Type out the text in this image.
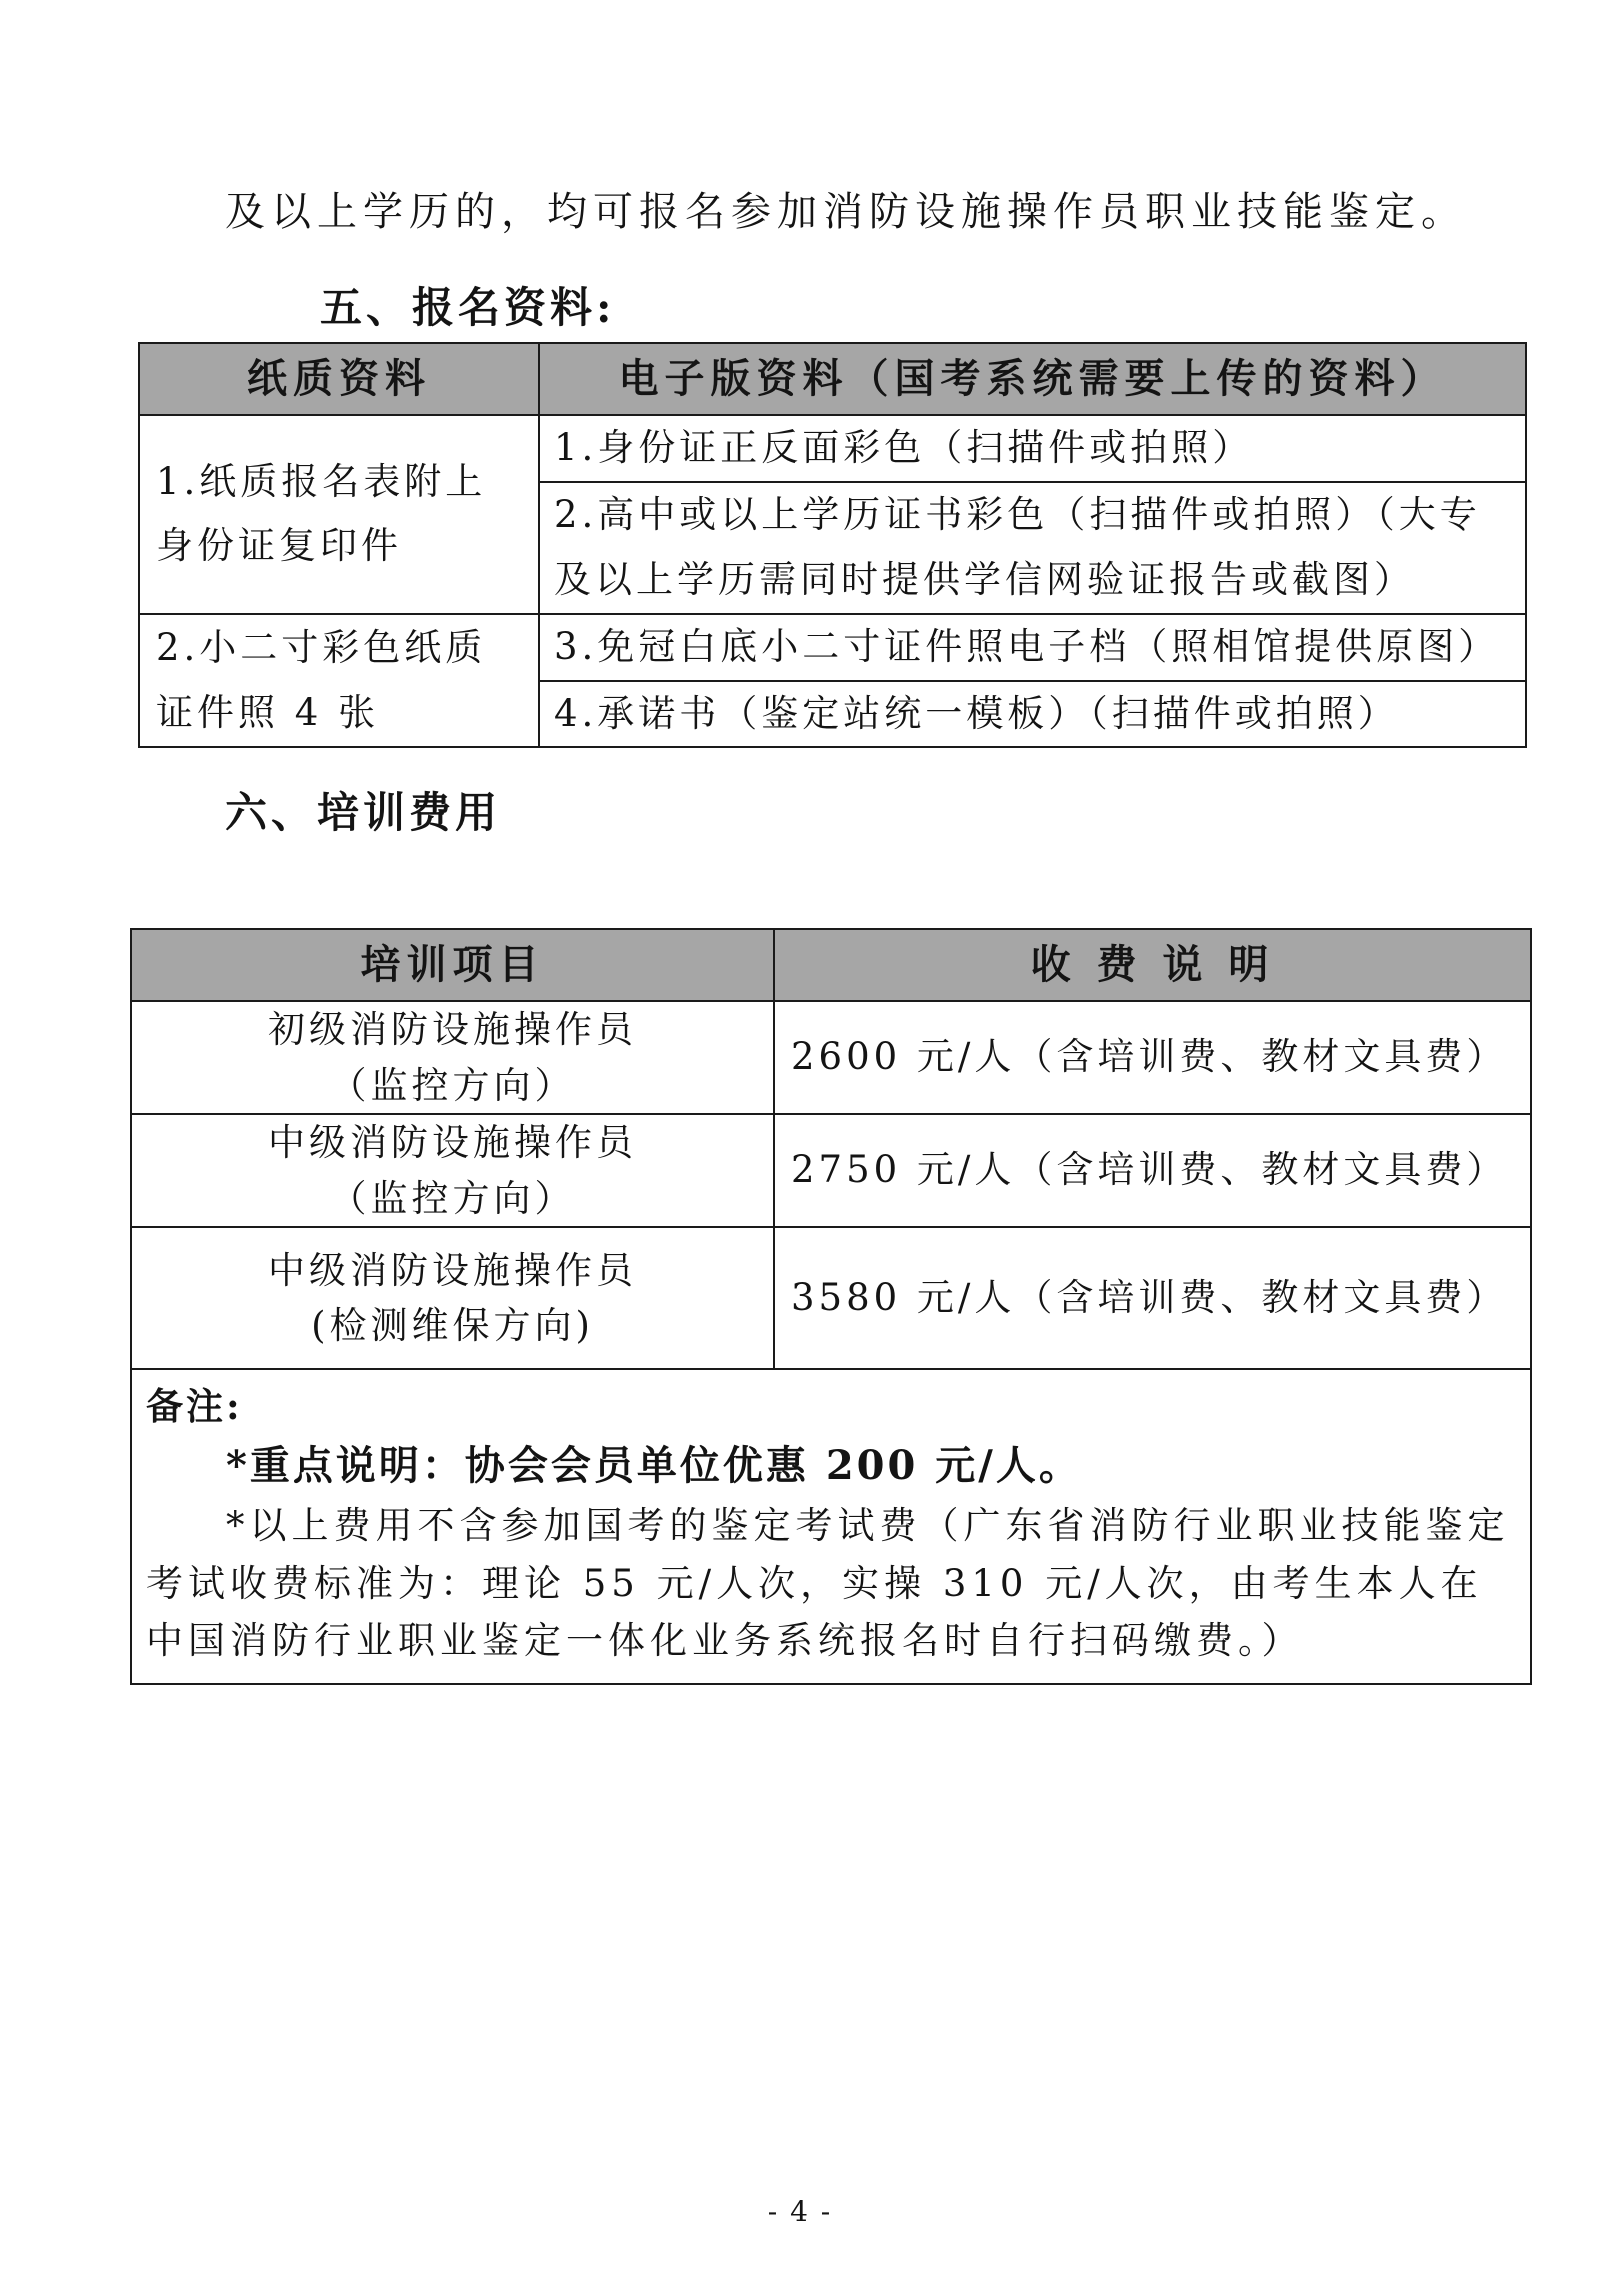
及以上学历的，均可报名参加消防设施操作员职业技能鉴定。
五、报名资料:
纸质资料	电子版资料（国考系统需要上传的资料）
1.纸质报名表附上身份证复印件	1.身份证正反面彩色（扫描件或拍照）
	2.高中或以上学历证书彩色（扫描件或拍照）（大专及以上学历需同时提供学信网验证报告或截图）
2.小二寸彩色纸质证件照 4 张	3.免冠白底小二寸证件照电子档（照相馆提供原图）
	4.承诺书（鉴定站统一模板）（扫描件或拍照）
六、培训费用
培训项目	收 费 说 明

初级消防设施操作员
（监控方向）	2600 元/人（含培训费、教材文具费）

中级消防设施操作员
（监控方向）	2750 元/人（含培训费、教材文具费）

中级消防设施操作员
(检测维保方向)	3580 元/人（含培训费、教材文具费）

备注:
*重点说明：协会会员单位优惠 200 元/人。
*以上费用不含参加国考的鉴定考试费（广东省消防行业职业技能鉴定考试收费标准为：理论 55 元/人次，实操 310 元/人次，由考生本人在中国消防行业职业鉴定一体化业务系统报名时自行扫码缴费。）	
- 4 -
